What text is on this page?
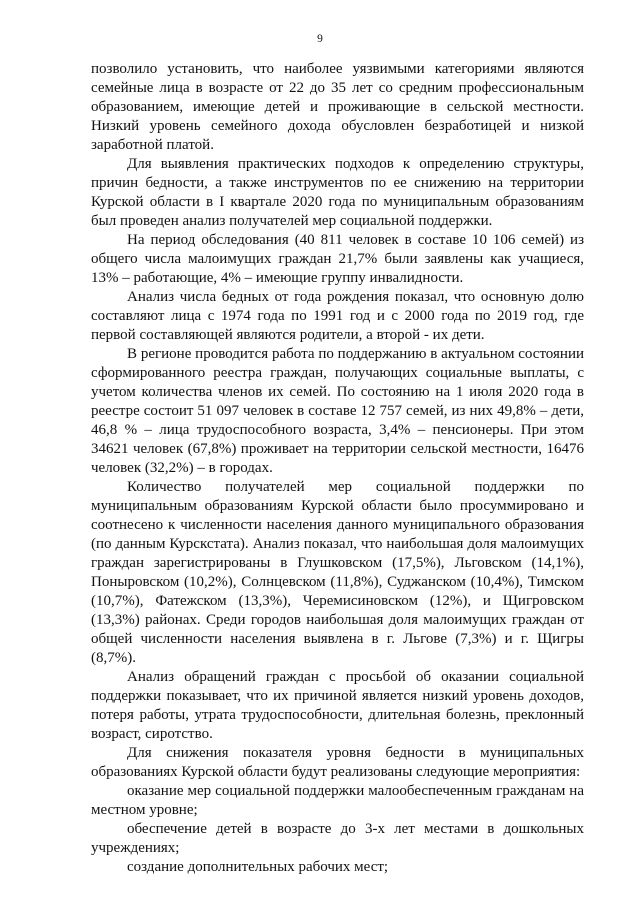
9

позволило установить, что наиболее уязвимыми категориями являются семейные лица в возрасте от 22 до 35 лет со средним профессиональным образованием, имеющие детей и проживающие в сельской местности. Низкий уровень семейного дохода обусловлен безработицей и низкой заработной платой.

Для выявления практических подходов к определению структуры, причин бедности, а также инструментов по ее снижению на территории Курской области в I квартале 2020 года по муниципальным образованиям был проведен анализ получателей мер социальной поддержки.

На период обследования (40 811 человек в составе 10 106 семей) из общего числа малоимущих граждан 21,7% были заявлены как учащиеся, 13% – работающие, 4% – имеющие группу инвалидности.

Анализ числа бедных от года рождения показал, что основную долю составляют лица с 1974 года по 1991 год и с 2000 года по 2019 год, где первой составляющей являются родители, а второй - их дети.

В регионе проводится работа по поддержанию в актуальном состоянии сформированного реестра граждан, получающих социальные выплаты, с учетом количества членов их семей. По состоянию на 1 июля 2020 года в реестре состоит 51 097 человек в составе 12 757 семей, из них 49,8% – дети, 46,8 % – лица трудоспособного возраста, 3,4% – пенсионеры. При этом 34621 человек (67,8%) проживает на территории сельской местности, 16476 человек (32,2%) – в городах.

Количество получателей мер социальной поддержки по муниципальным образованиям Курской области было просуммировано и соотнесено к численности населения данного муниципального образования (по данным Курскстата). Анализ показал, что наибольшая доля малоимущих граждан зарегистрированы в Глушковском (17,5%), Льговском (14,1%), Поныровском (10,2%), Солнцевском (11,8%), Суджанском (10,4%), Тимском (10,7%), Фатежском (13,3%), Черемисиновском (12%), и Щигровском (13,3%) районах. Среди городов наибольшая доля малоимущих граждан от общей численности населения выявлена в г. Льгове (7,3%) и г. Щигры (8,7%).

Анализ обращений граждан с просьбой об оказании социальной поддержки показывает, что их причиной является низкий уровень доходов, потеря работы, утрата трудоспособности, длительная болезнь, преклонный возраст, сиротство.

Для снижения показателя уровня бедности в муниципальных образованиях Курской области будут реализованы следующие мероприятия:

оказание мер социальной поддержки малообеспеченным гражданам на местном уровне;

обеспечение детей в возрасте до 3-х лет местами в дошкольных учреждениях;

создание дополнительных рабочих мест;
